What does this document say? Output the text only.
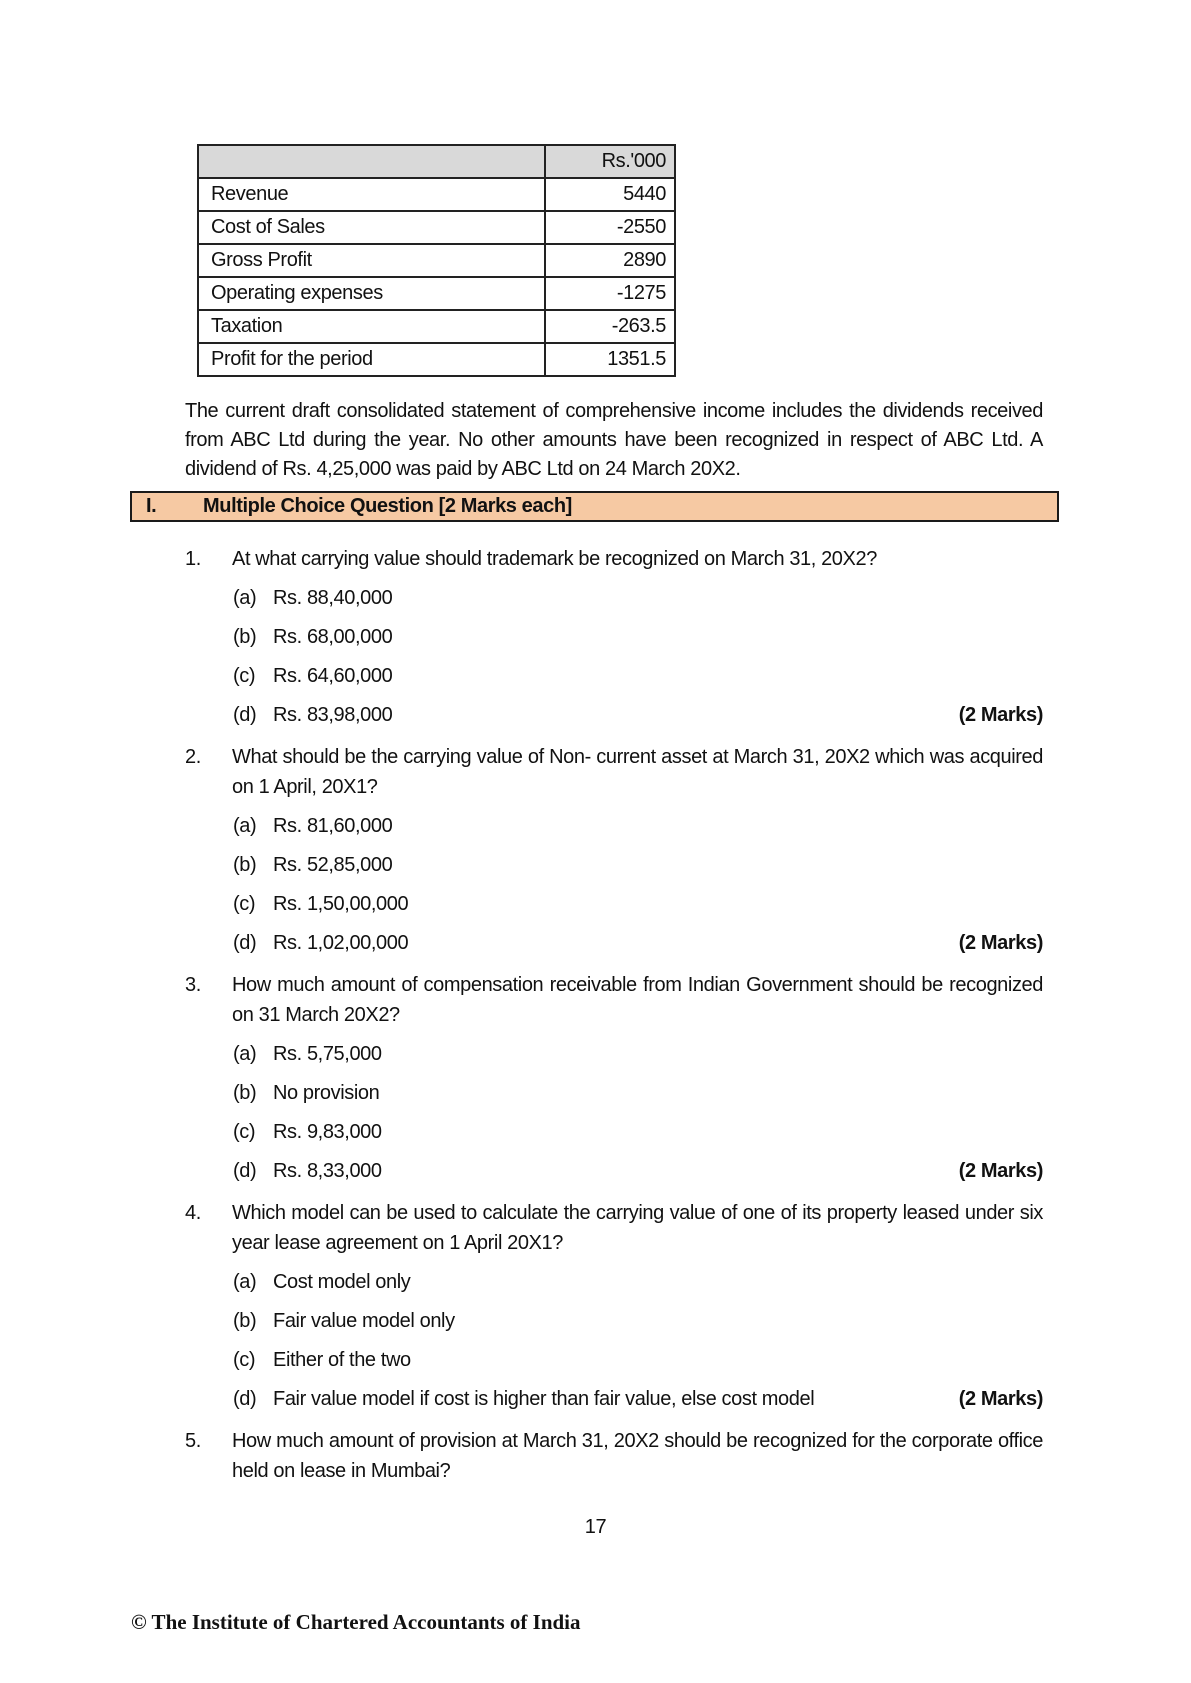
	Rs.'000
Revenue	5440
Cost of Sales	-2550
Gross Profit	2890
Operating expenses	-1275
Taxation	-263.5
Profit for the period	1351.5

The current draft consolidated statement of comprehensive income includes the dividends received from ABC Ltd during the year. No other amounts have been recognized in respect of ABC Ltd. A dividend of Rs. 4,25,000 was paid by ABC Ltd on 24 March 20X2.

I.	Multiple Choice Question [2 Marks each]
1.	At what carrying value should trademark be recognized on March 31, 20X2?
(a) Rs. 88,40,000
(b) Rs. 68,00,000
(c) Rs. 64,60,000
(d) Rs. 83,98,000	(2 Marks)
2.	What should be the carrying value of Non- current asset at March 31, 20X2 which was acquired on 1 April, 20X1?
(a) Rs. 81,60,000
(b) Rs. 52,85,000
(c) Rs. 1,50,00,000
(d) Rs. 1,02,00,000	(2 Marks)
3.	How much amount of compensation receivable from Indian Government should be recognized on 31 March 20X2?
(a) Rs. 5,75,000
(b) No provision
(c) Rs. 9,83,000
(d) Rs. 8,33,000	(2 Marks)
4.	Which model can be used to calculate the carrying value of one of its property leased under six year lease agreement on 1 April 20X1?
(a) Cost model only
(b) Fair value model only
(c) Either of the two
(d) Fair value model if cost is higher than fair value, else cost model	(2 Marks)
5.	How much amount of provision at March 31, 20X2 should be recognized for the corporate office held on lease in Mumbai?
17
© The Institute of Chartered Accountants of India
